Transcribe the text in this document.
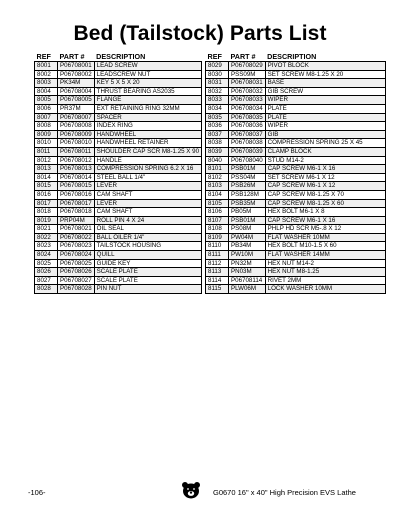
Bed (Tailstock) Parts List
REF	PART #	DESCRIPTION
8001	P06708001	LEAD SCREW
8002	P06708002	LEADSCREW NUT
8003	PK34M	KEY 5 X 5 X 20
8004	P06708004	THRUST BEARING AS2035
8005	P06708005	FLANGE
8006	PR37M	EXT RETAINING RING 32MM
8007	P06708007	SPACER
8008	P06708008	INDEX RING
8009	P06708009	HANDWHEEL
8010	P06708010	HANDWHEEL RETAINER
8011	P06708011	SHOULDER CAP SCR M8-1.25 X 90
8012	P06708012	HANDLE
8013	P06708013	COMPRESSION SPRING 6.2 X 16
8014	P06708014	STEEL BALL 1/4"
8015	P06708015	LEVER
8016	P06708016	CAM SHAFT
8017	P06708017	LEVER
8018	P06708018	CAM SHAFT
8019	PRP04M	ROLL PIN 4 X 24
8021	P06708021	OIL SEAL
8022	P06708022	BALL OILER 1/4"
8023	P06708023	TAILSTOCK HOUSING
8024	P06708024	QUILL
8025	P06708025	GUIDE KEY
8026	P06708026	SCALE PLATE
8027	P06708027	SCALE PLATE
8028	P06708028	PIN NUT
REF	PART #	DESCRIPTION
8029	P06708029	PIVOT BLOCK
8030	PSS09M	SET SCREW M8-1.25 X 20
8031	P06708031	BASE
8032	P06708032	GIB SCREW
8033	P06708033	WIPER
8034	P06708034	PLATE
8035	P06708035	PLATE
8036	P06708036	WIPER
8037	P06708037	GIB
8038	P06708038	COMPRESSION SPRING 25 X 45
8039	P06708039	CLAMP BLOCK
8040	P06708040	STUD M14-2
8101	PSB01M	CAP SCREW M6-1 X 16
8102	PSS04M	SET SCREW M6-1 X 12
8103	PSB26M	CAP SCREW M6-1 X 12
8104	PSB128M	CAP SCREW M8-1.25 X 70
8105	PSB35M	CAP SCREW M8-1.25 X 60
8106	PB05M	HEX BOLT M6-1 X 8
8107	PSB01M	CAP SCREW M6-1 X 16
8108	PS08M	PHLP HD SCR M5-.8 X 12
8109	PW04M	FLAT WASHER 10MM
8110	PB34M	HEX BOLT M10-1.5 X 60
8111	PW10M	FLAT WASHER 14MM
8112	PN32M	HEX NUT M14-2
8113	PN03M	HEX NUT M8-1.25
8114	P06708114	RIVET 2MM
8115	PLW06M	LOCK WASHER 10MM
-106-	G0670 16" x 40" High Precision EVS Lathe
